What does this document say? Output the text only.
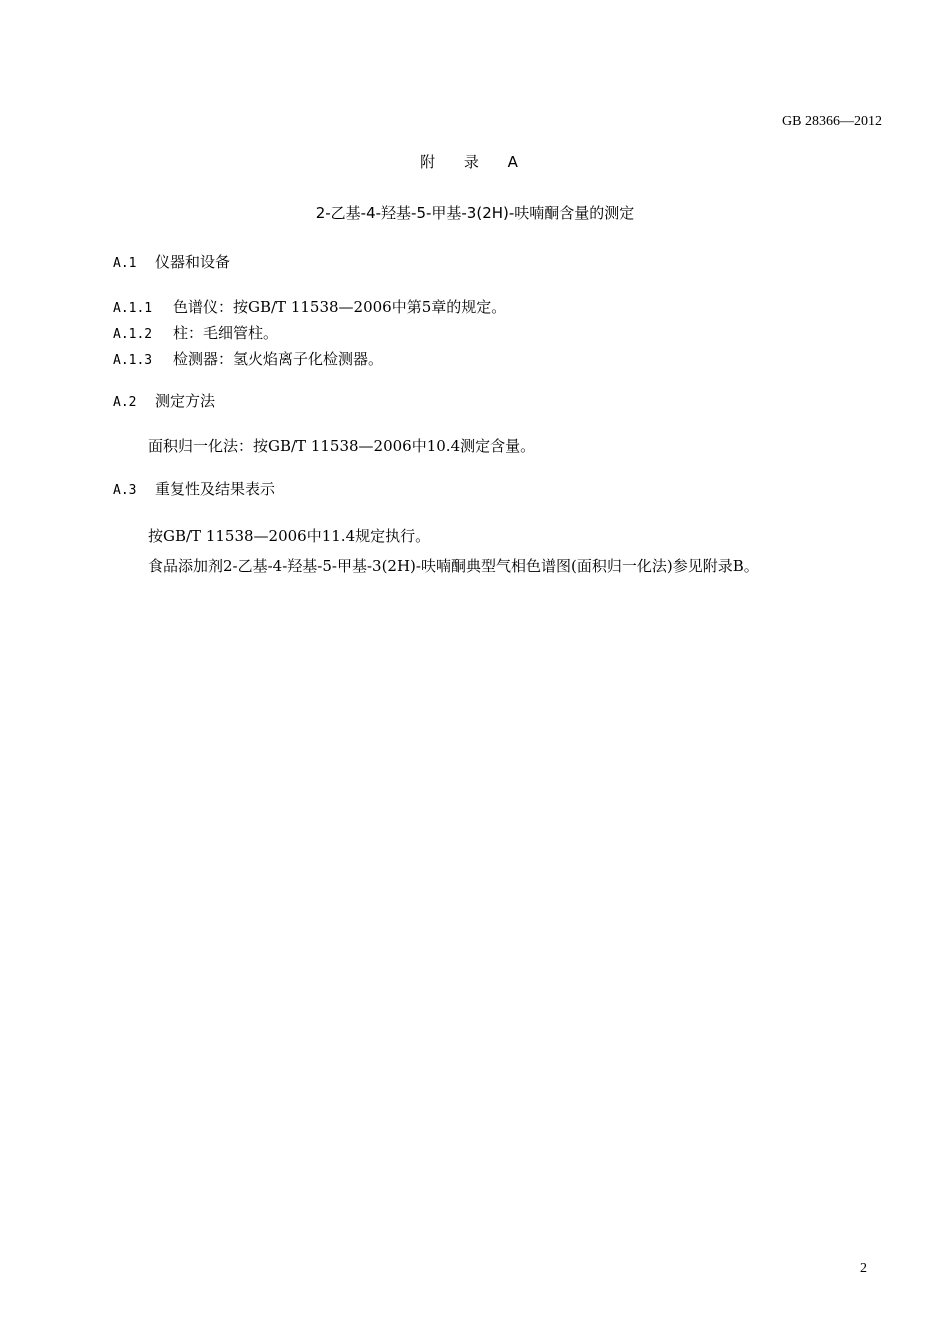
GB 28366—2012
附 录 A
2-乙基-4-羟基-5-甲基-3(2H)-呋喃酮含量的测定
A.1 仪器和设备
A.1.1 色谱仪：按GB/T 11538—2006中第5章的规定。
A.1.2 柱：毛细管柱。
A.1.3 检测器：氢火焰离子化检测器。
A.2 测定方法
面积归一化法：按GB/T 11538—2006中10.4测定含量。
A.3 重复性及结果表示
按GB/T 11538—2006中11.4规定执行。
食品添加剂2-乙基-4-羟基-5-甲基-3(2H)-呋喃酮典型气相色谱图(面积归一化法)参见附录B。
2
